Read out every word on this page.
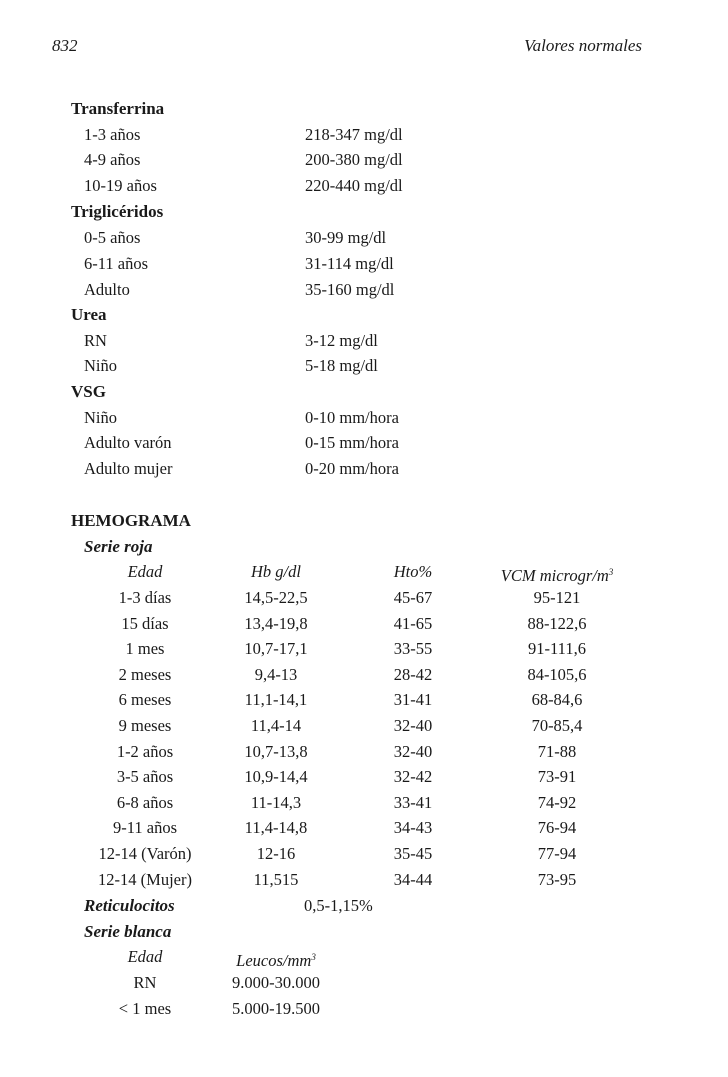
832	Valores normales
Transferrina
1-3 años	218-347 mg/dl
4-9 años	200-380 mg/dl
10-19 años	220-440 mg/dl
Triglicéridos
0-5 años	30-99 mg/dl
6-11 años	31-114 mg/dl
Adulto	35-160 mg/dl
Urea
RN	3-12 mg/dl
Niño	5-18 mg/dl
VSG
Niño	0-10 mm/hora
Adulto varón	0-15 mm/hora
Adulto mujer	0-20 mm/hora
HEMOGRAMA
Serie roja
Edad	Hb g/dl	Hto%	VCM microgr/$m^3$
1-3 días	14,5-22,5	45-67	95-121
15 días	13,4-19,8	41-65	88-122,6
1 mes	10,7-17,1	33-55	91-111,6
2 meses	9,4-13	28-42	84-105,6
6 meses	11,1-14,1	31-41	68-84,6
9 meses	11,4-14	32-40	70-85,4
1-2 años	10,7-13,8	32-40	71-88
3-5 años	10,9-14,4	32-42	73-91
6-8 años	11-14,3	33-41	74-92
9-11 años	11,4-14,8	34-43	76-94
12-14 (Varón)	12-16	35-45	77-94
12-14 (Mujer)	11,515	34-44	73-95
Reticulocitos	0,5-1,15%
Serie blanca
Edad	Leucos/$mm^3$
RN	9.000-30.000
< 1 mes	5.000-19.500
